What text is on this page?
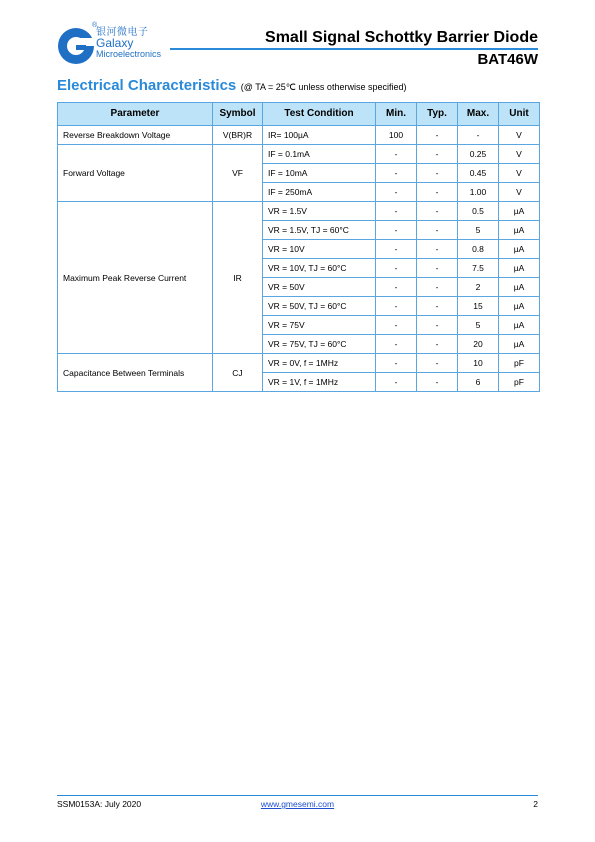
®
银河微电子
Galaxy
Microelectronics
Small Signal Schottky Barrier Diode
BAT46W
Electrical Characteristics (@ TA = 25℃ unless otherwise specified)
Parameter	Symbol	Test Condition	Min.	Typ.	Max.	Unit
Reverse Breakdown Voltage	V(BR)R	IR= 100µA	100	-	-	V
Forward Voltage	VF	IF = 0.1mA	-	-	0.25	V
		IF = 10mA	-	-	0.45	V
		IF = 250mA	-	-	1.00	V
Maximum Peak Reverse Current	IR	VR = 1.5V	-	-	0.5	µA
		VR = 1.5V, TJ = 60°C	-	-	5	µA
		VR = 10V	-	-	0.8	µA
		VR = 10V, TJ = 60°C	-	-	7.5	µA
		VR = 50V	-	-	2	µA
		VR = 50V, TJ = 60°C	-	-	15	µA
		VR = 75V	-	-	5	µA
		VR = 75V, TJ = 60°C	-	-	20	µA
Capacitance Between Terminals	CJ	VR = 0V, f = 1MHz	-	-	10	pF
		VR = 1V, f = 1MHz	-	-	6	pF
SSM0153A: July 2020	www.gmesemi.com	2
